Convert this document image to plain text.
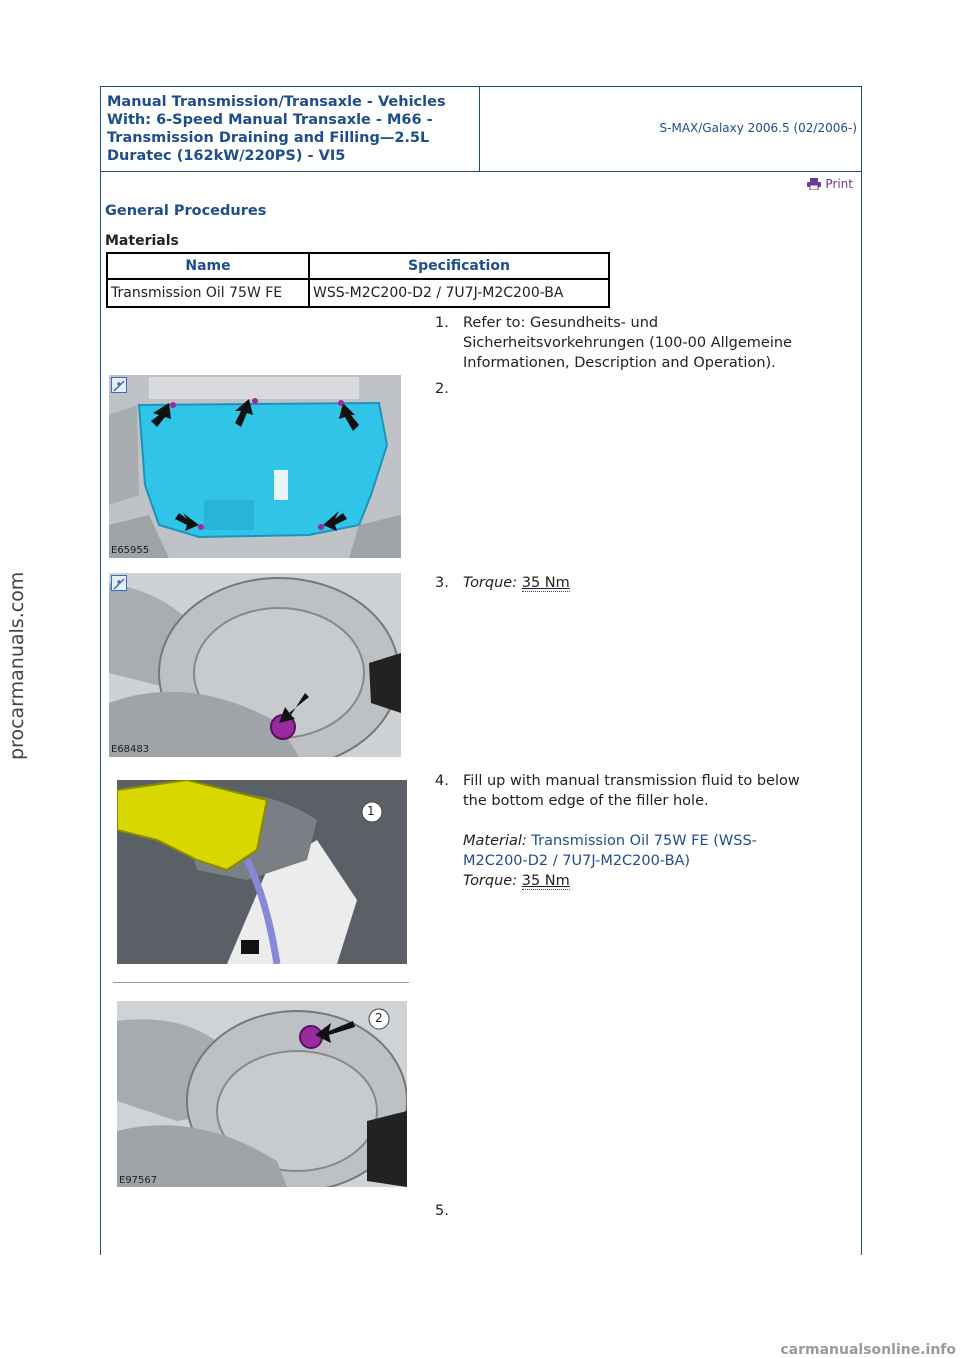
Manual Transmission/Transaxle - Vehicles
With: 6-Speed Manual Transaxle - M66 -
Transmission Draining and Filling—2.5L
Duratec (162kW/220PS) - VI5
S-MAX/Galaxy 2006.5 (02/2006-)
Print
General Procedures
Materials
Name	Specification
Transmission Oil 75W FE	WSS-M2C200-D2 / 7U7J-M2C200-BA
1. Refer to: Gesundheits- und
Sicherheitsvorkehrungen (100-00 Allgemeine
Informationen, Description and Operation).
E65955
2.
E68483
3. Torque: 35 Nm
1
2
E97567
4. Fill up with manual transmission fluid to below
the bottom edge of the filler hole.
Material: Transmission Oil 75W FE (WSS-
M2C200-D2 / 7U7J-M2C200-BA)
Torque: 35 Nm
5.
procarmanuals.com
carmanualsonline.info
